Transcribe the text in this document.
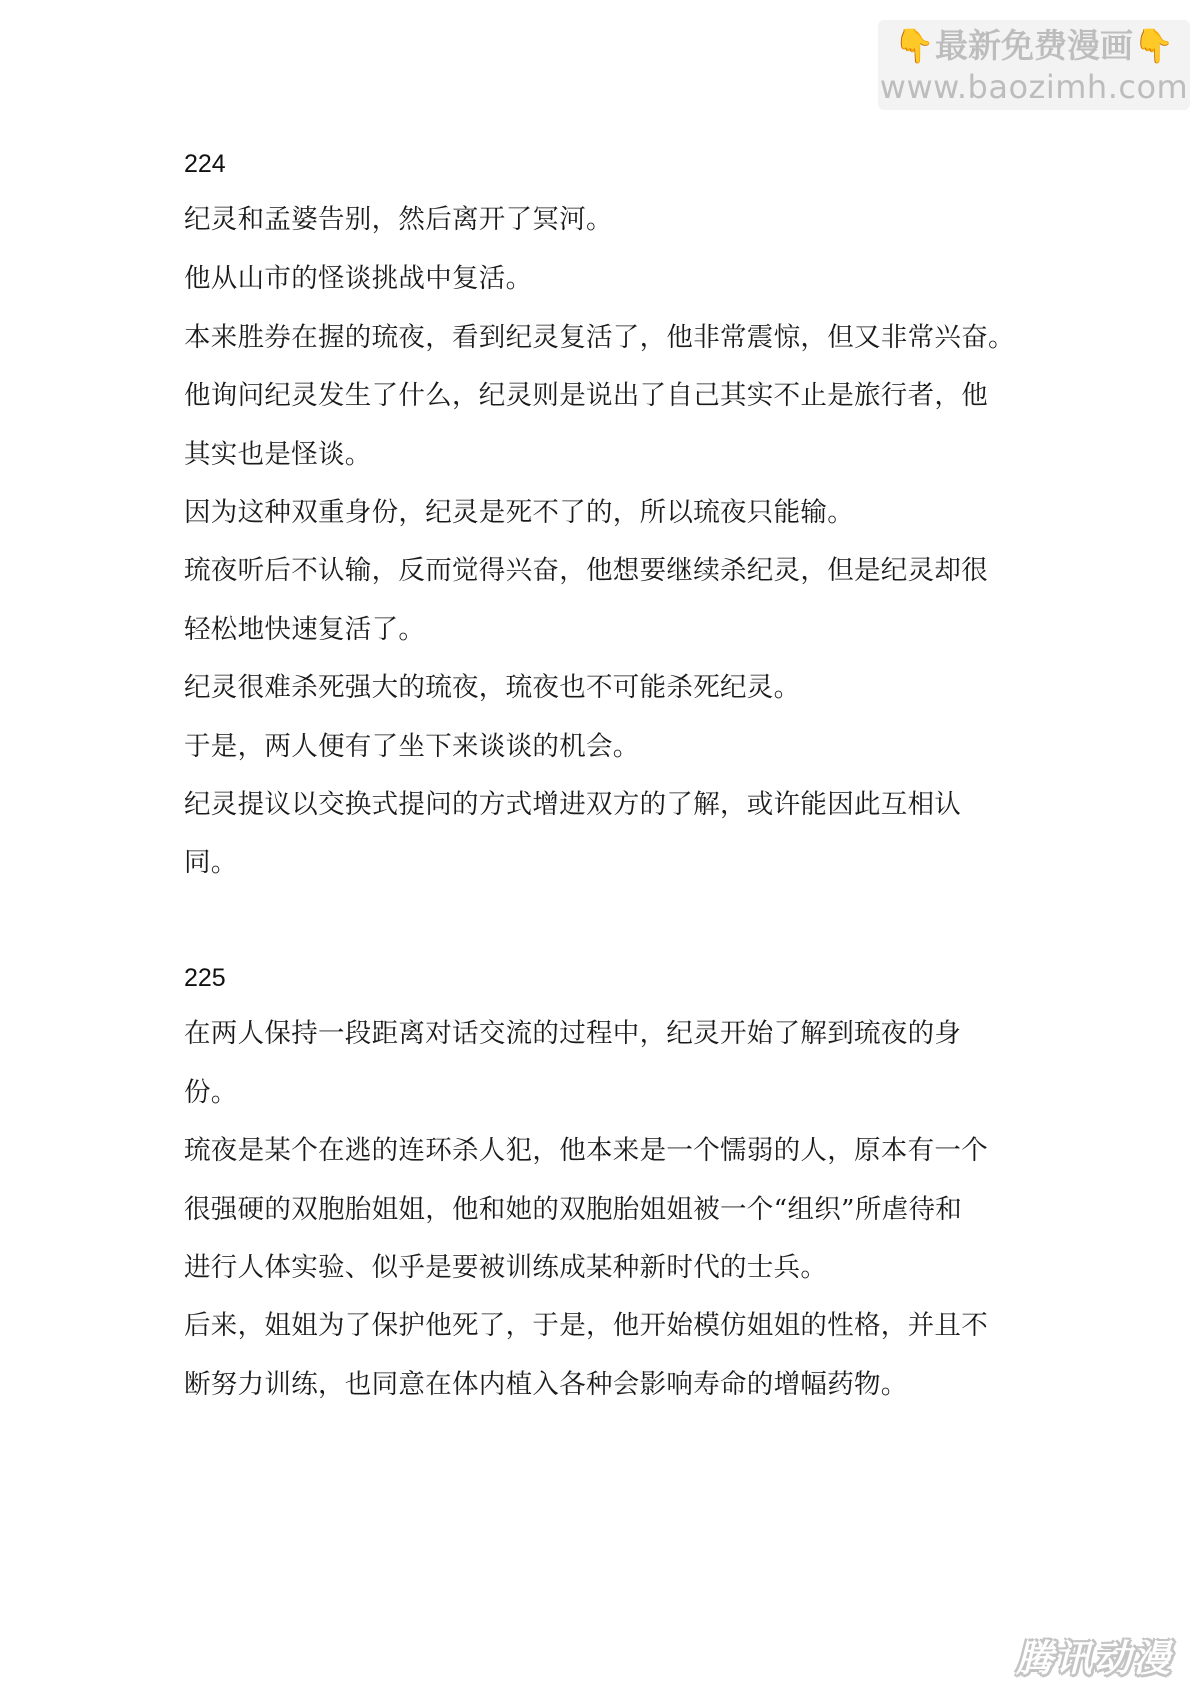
👇最新免费漫画👇
www.baozimh.com
224
纪灵和孟婆告别，然后离开了冥河。
他从山市的怪谈挑战中复活。
本来胜券在握的琉夜，看到纪灵复活了，他非常震惊，但又非常兴奋。
他询问纪灵发生了什么，纪灵则是说出了自己其实不止是旅行者，他
其实也是怪谈。
因为这种双重身份，纪灵是死不了的，所以琉夜只能输。
琉夜听后不认输，反而觉得兴奋，他想要继续杀纪灵，但是纪灵却很
轻松地快速复活了。
纪灵很难杀死强大的琉夜，琉夜也不可能杀死纪灵。
于是，两人便有了坐下来谈谈的机会。
纪灵提议以交换式提问的方式增进双方的了解，或许能因此互相认
同。
225
在两人保持一段距离对话交流的过程中，纪灵开始了解到琉夜的身
份。
琉夜是某个在逃的连环杀人犯，他本来是一个懦弱的人，原本有一个
很强硬的双胞胎姐姐，他和她的双胞胎姐姐被一个“组织”所虐待和
进行人体实验、似乎是要被训练成某种新时代的士兵。
后来，姐姐为了保护他死了，于是，他开始模仿姐姐的性格，并且不
断努力训练，也同意在体内植入各种会影响寿命的增幅药物。
腾讯动漫
